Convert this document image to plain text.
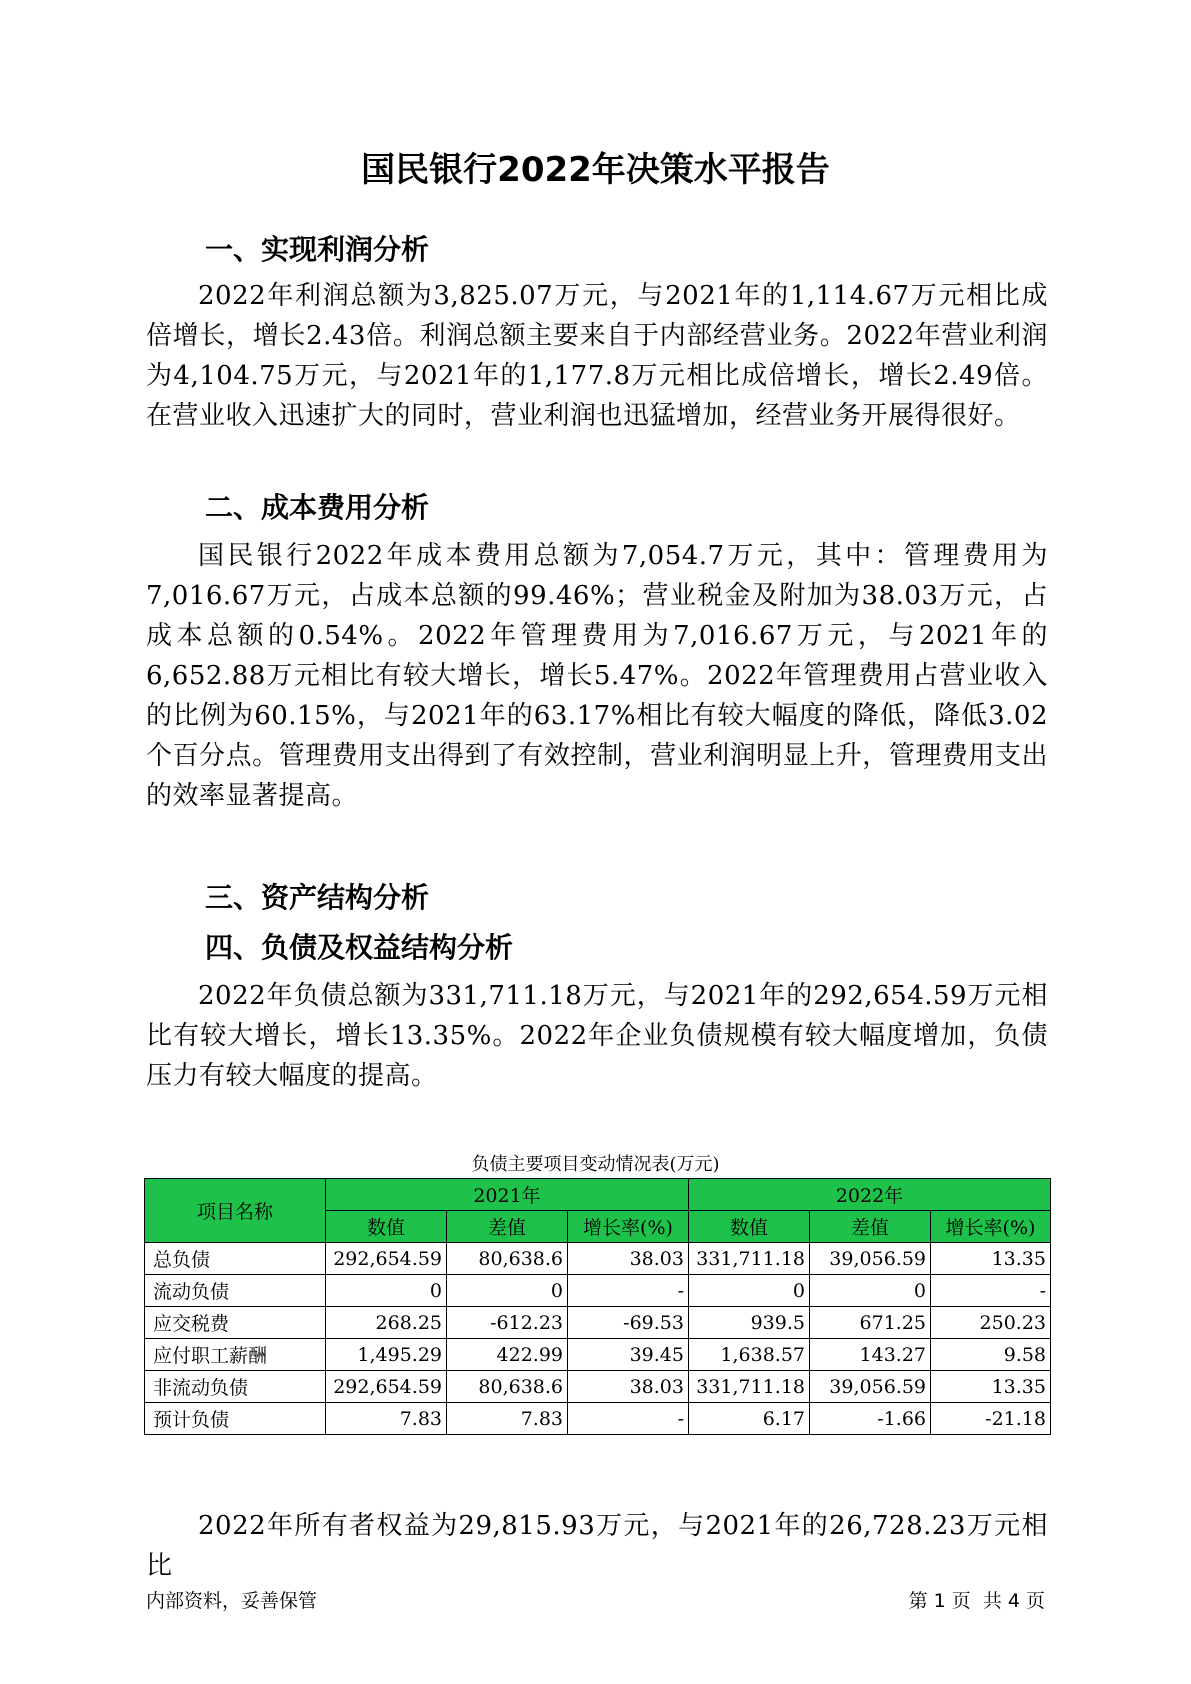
国民银行2022年决策水平报告
一、实现利润分析

2022年利润总额为3,825.07万元，与2021年的1,114.67万元相比成倍增长，增长2.43倍。利润总额主要来自于内部经营业务。2022年营业利润为4,104.75万元，与2021年的1,177.8万元相比成倍增长，增长2.49倍。在营业收入迅速扩大的同时，营业利润也迅猛增加，经营业务开展得很好。

二、成本费用分析

国民银行2022年成本费用总额为7,054.7万元，其中：管理费用为7,016.67万元，占成本总额的99.46%；营业税金及附加为38.03万元，占成本总额的0.54%。2022年管理费用为7,016.67万元，与2021年的6,652.88万元相比有较大增长，增长5.47%。2022年管理费用占营业收入的比例为60.15%，与2021年的63.17%相比有较大幅度的降低，降低3.02个百分点。管理费用支出得到了有效控制，营业利润明显上升，管理费用支出的效率显著提高。

三、资产结构分析
四、负债及权益结构分析

2022年负债总额为331,711.18万元，与2021年的292,654.59万元相比有较大增长，增长13.35%。2022年企业负债规模有较大幅度增加，负债压力有较大幅度的提高。

负债主要项目变动情况表(万元)
项目名称	2021年			2022年		
	数值	差值	增长率(%)	数值	差值	增长率(%)
总负债	292,654.59	80,638.6	38.03	331,711.18	39,056.59	13.35
流动负债	0	0	-	0	0	-
应交税费	268.25	-612.23	-69.53	939.5	671.25	250.23
应付职工薪酬	1,495.29	422.99	39.45	1,638.57	143.27	9.58
非流动负债	292,654.59	80,638.6	38.03	331,711.18	39,056.59	13.35
预计负债	7.83	7.83	-	6.17	-1.66	-21.18

2022年所有者权益为29,815.93万元，与2021年的26,728.23万元相比

内部资料，妥善保管	第 1 页  共 4 页
